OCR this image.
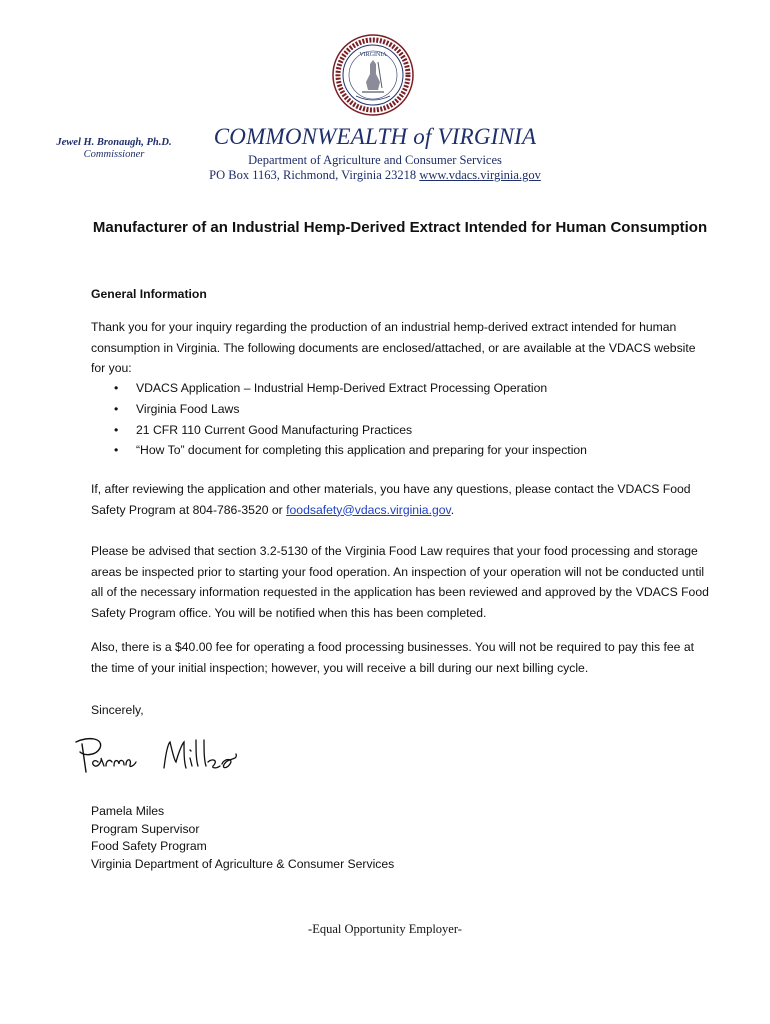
VIRGINIA
Jewel H. Bronaugh, Ph.D.
Commissioner
COMMONWEALTH of VIRGINIA
Department of Agriculture and Consumer Services
PO Box 1163, Richmond, Virginia 23218 www.vdacs.virginia.gov
Manufacturer of an Industrial Hemp-Derived Extract Intended for Human Consumption
General Information
Thank you for your inquiry regarding the production of an industrial hemp-derived extract intended for human consumption in Virginia. The following documents are enclosed/attached, or are available at the VDACS website for you:
• VDACS Application – Industrial Hemp-Derived Extract Processing Operation
• Virginia Food Laws
• 21 CFR 110 Current Good Manufacturing Practices
• “How To” document for completing this application and preparing for your inspection
If, after reviewing the application and other materials, you have any questions, please contact the VDACS Food Safety Program at 804-786-3520 or foodsafety@vdacs.virginia.gov.
Please be advised that section 3.2-5130 of the Virginia Food Law requires that your food processing and storage areas be inspected prior to starting your food operation. An inspection of your operation will not be conducted until all of the necessary information requested in the application has been reviewed and approved by the VDACS Food Safety Program office. You will be notified when this has been completed.
Also, there is a $40.00 fee for operating a food processing businesses. You will not be required to pay this fee at the time of your initial inspection; however, you will receive a bill during our next billing cycle.
Sincerely,
Pamela Miles
Program Supervisor
Food Safety Program
Virginia Department of Agriculture & Consumer Services
-Equal Opportunity Employer-
